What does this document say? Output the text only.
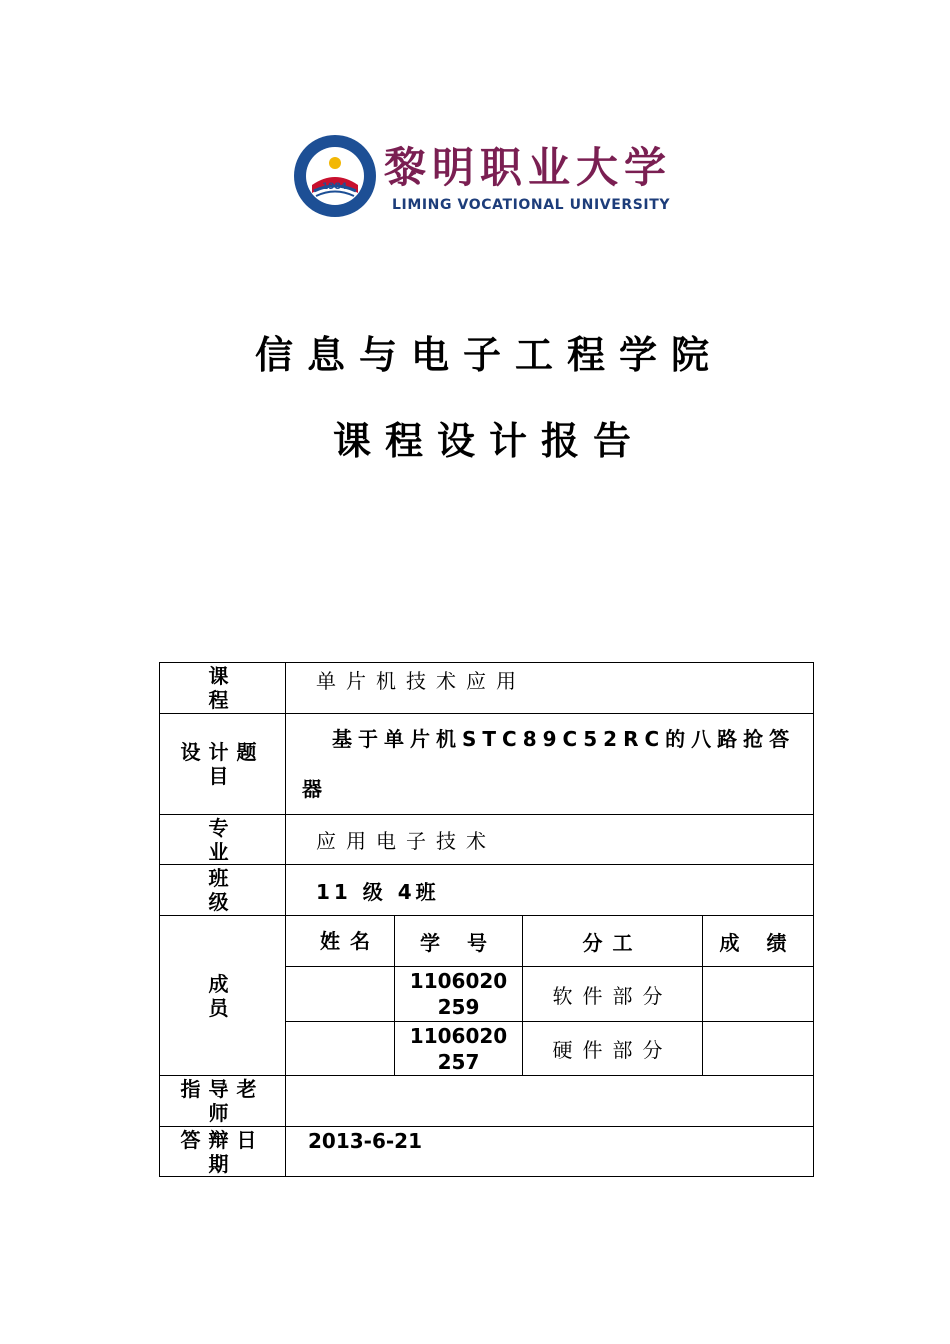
1984 黎明职业大学
LIMING VOCATIONAL UNIVERSITY
信息与电子工程学院
课程设计报告
课程	单片机技术应用			
设计题目	基于单片机STC89C52RC的八路抢答器			
专业	应用电子技术			
班级	11 级 4班			
成员	姓名	学 号	分工	成 绩
		1106020259	软件部分	
		1106020257	硬件部分	
指导老师				
答辩日期	2013-6-21			
